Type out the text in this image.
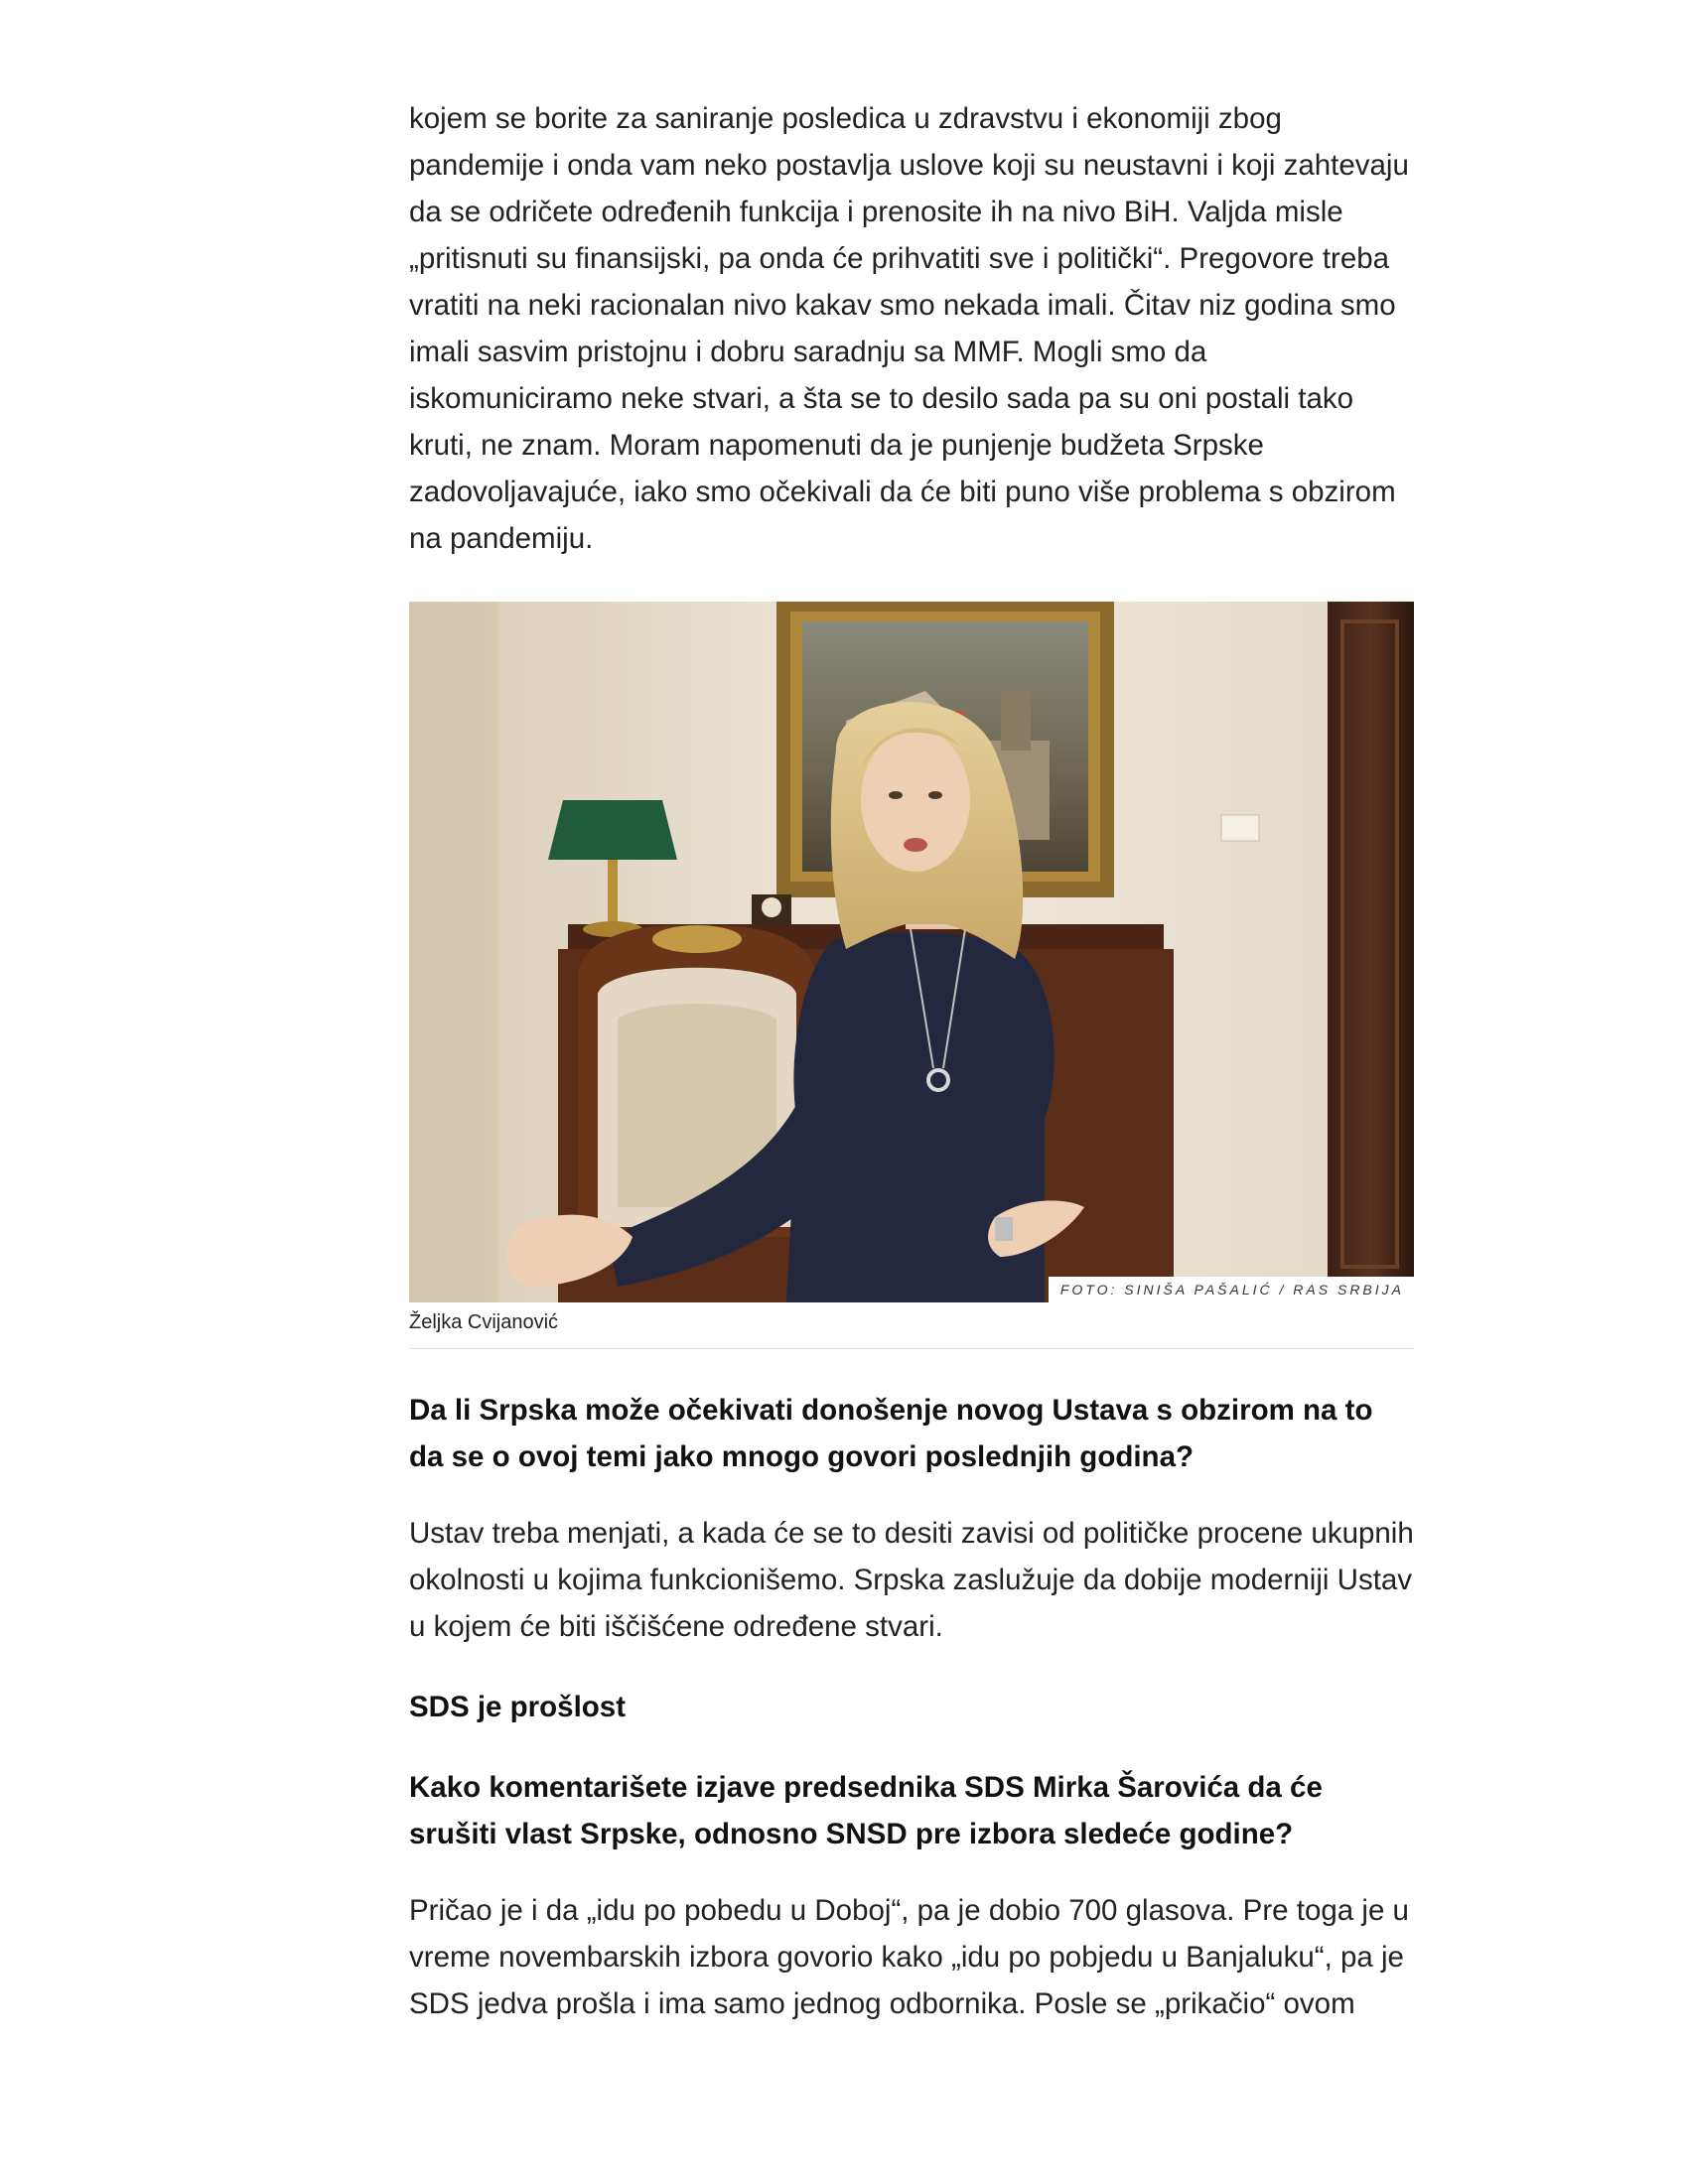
kojem se borite za saniranje posledica u zdravstvu i ekonomiji zbog pandemije i onda vam neko postavlja uslove koji su neustavni i koji zahtevaju da se odričete određenih funkcija i prenosite ih na nivo BiH. Valjda misle „pritisnuti su finansijski, pa onda će prihvatiti sve i politički“. Pregovore treba vratiti na neki racionalan nivo kakav smo nekada imali. Čitav niz godina smo imali sasvim pristojnu i dobru saradnju sa MMF. Mogli smo da iskomuniciramo neke stvari, a šta se to desilo sada pa su oni postali tako kruti, ne znam. Moram napomenuti da je punjenje budžeta Srpske zadovoljavajuće, iako smo očekivali da će biti puno više problema s obzirom na pandemiju.

FOTO: SINIŠA PAŠALIĆ / RAS SRBIJA
Željka Cvijanović

Da li Srpska može očekivati donošenje novog Ustava s obzirom na to da se o ovoj temi jako mnogo govori poslednjih godina?

Ustav treba menjati, a kada će se to desiti zavisi od političke procene ukupnih okolnosti u kojima funkcionišemo. Srpska zaslužuje da dobije moderniji Ustav u kojem će biti iščišćene određene stvari.

SDS je prošlost

Kako komentarišete izjave predsednika SDS Mirka Šarovića da će srušiti vlast Srpske, odnosno SNSD pre izbora sledeće godine?

Pričao je i da „idu po pobedu u Doboj“, pa je dobio 700 glasova. Pre toga je u vreme novembarskih izbora govorio kako „idu po pobjedu u Banjaluku“, pa je SDS jedva prošla i ima samo jednog odbornika. Posle se „prikačio“ ovom
